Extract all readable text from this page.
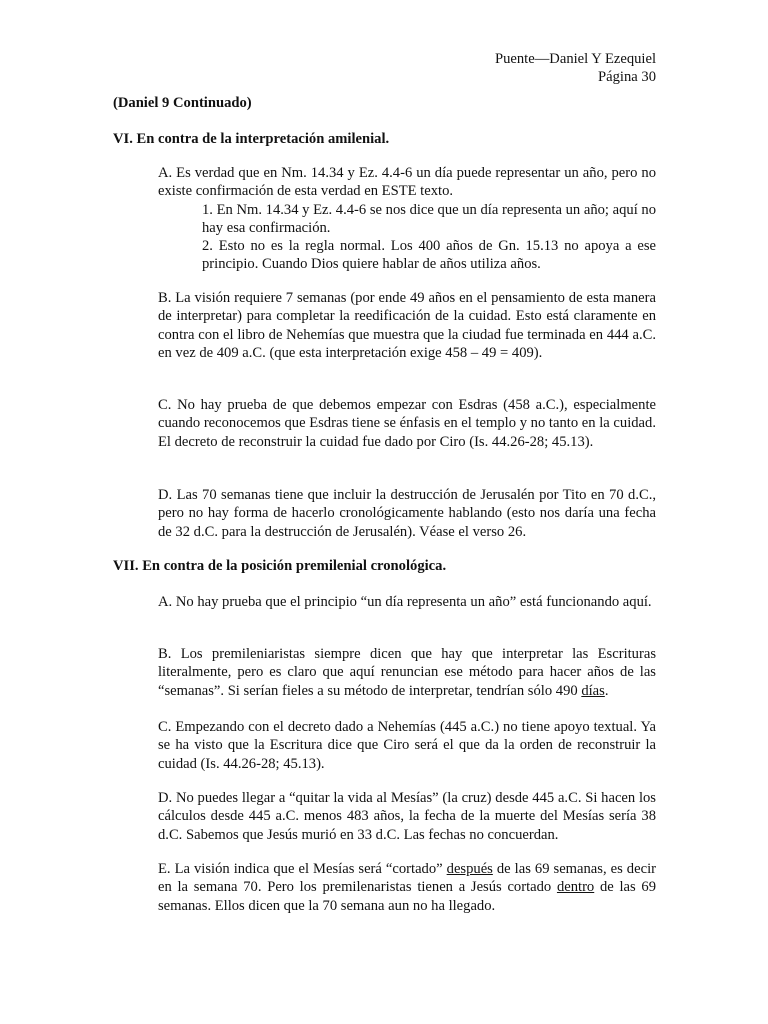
Puente—Daniel Y Ezequiel
Página 30
(Daniel 9 Continuado)
VI. En contra de la interpretación amilenial.
A. Es verdad que en Nm. 14.34 y Ez. 4.4-6 un día puede representar un año, pero no existe confirmación de esta verdad en ESTE texto.
1. En Nm. 14.34 y Ez. 4.4-6 se nos dice que un día representa un año; aquí no hay esa confirmación.
2. Esto no es la regla normal. Los 400 años de Gn. 15.13 no apoya a ese principio. Cuando Dios quiere hablar de años utiliza años.
B. La visión requiere 7 semanas (por ende 49 años en el pensamiento de esta manera de interpretar) para completar la reedificación de la cuidad. Esto está claramente en contra con el libro de Nehemías que muestra que la ciudad fue terminada en 444 a.C. en vez de 409 a.C. (que esta interpretación exige 458 – 49 = 409).
C. No hay prueba de que debemos empezar con Esdras (458 a.C.), especialmente cuando reconocemos que Esdras tiene se énfasis en el templo y no tanto en la cuidad. El decreto de reconstruir la cuidad fue dado por Ciro (Is. 44.26-28; 45.13).
D. Las 70 semanas tiene que incluir la destrucción de Jerusalén por Tito en 70 d.C., pero no hay forma de hacerlo cronológicamente hablando (esto nos daría una fecha de 32 d.C. para la destrucción de Jerusalén). Véase el verso 26.
VII. En contra de la posición premilenial cronológica.
A. No hay prueba que el principio “un día representa un año” está funcionando aquí.
B. Los premileniaristas siempre dicen que hay que interpretar las Escrituras literalmente, pero es claro que aquí renuncian ese método para hacer años de las “semanas”. Si serían fieles a su método de interpretar, tendrían sólo 490 días.
C. Empezando con el decreto dado a Nehemías (445 a.C.) no tiene apoyo textual. Ya se ha visto que la Escritura dice que Ciro será el que da la orden de reconstruir la cuidad (Is. 44.26-28; 45.13).
D. No puedes llegar a “quitar la vida al Mesías” (la cruz) desde 445 a.C. Si hacen los cálculos desde 445 a.C. menos 483 años, la fecha de la muerte del Mesías sería 38 d.C. Sabemos que Jesús murió en 33 d.C. Las fechas no concuerdan.
E. La visión indica que el Mesías será “cortado” después de las 69 semanas, es decir en la semana 70. Pero los premilenaristas tienen a Jesús cortado dentro de las 69 semanas. Ellos dicen que la 70 semana aun no ha llegado.
